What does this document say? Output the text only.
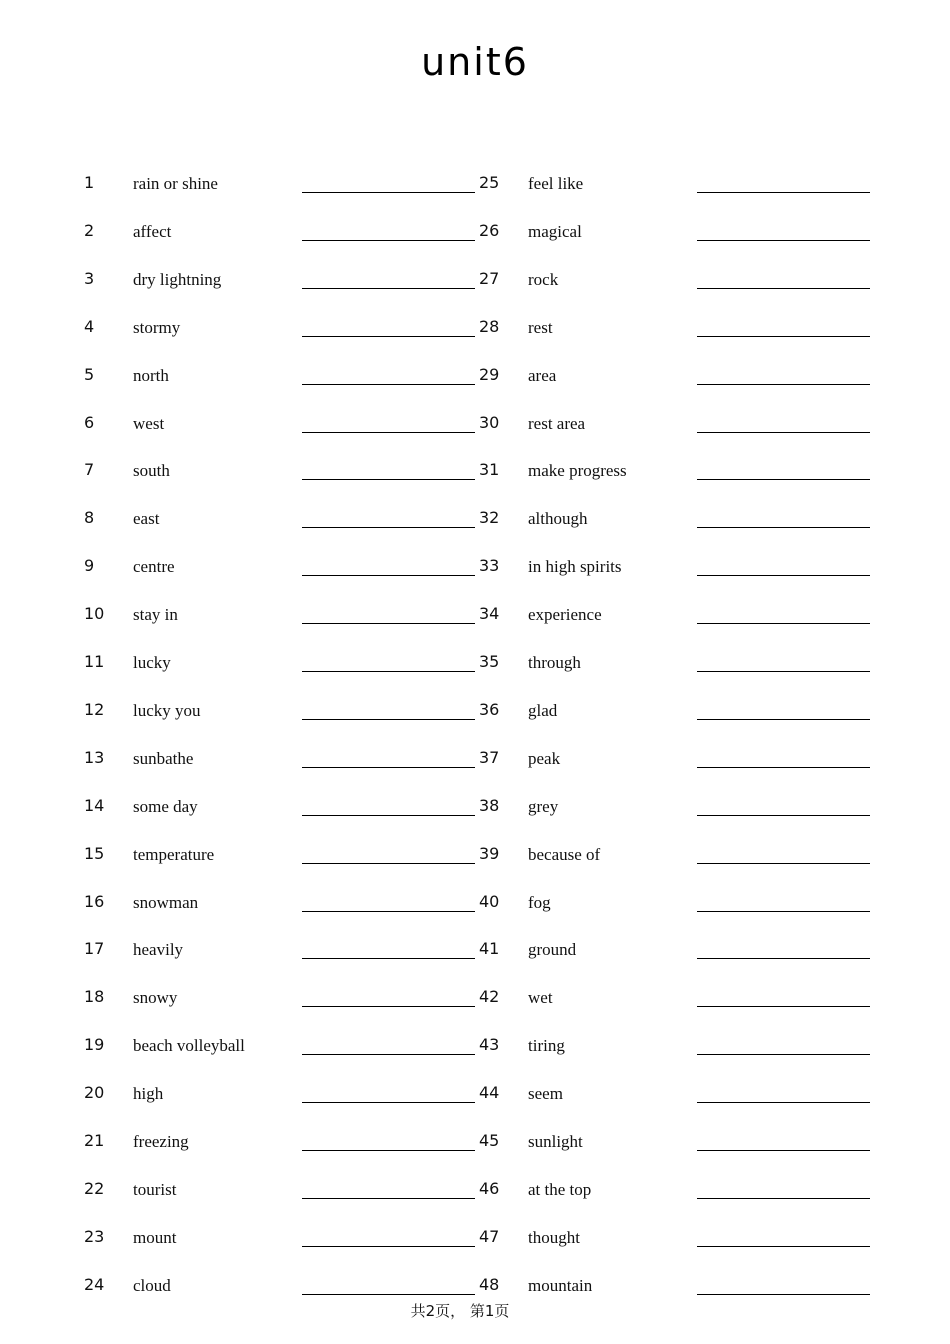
unit6
1 rain or shine	25 feel like
2 affect	26 magical
3 dry lightning	27 rock
4 stormy	28 rest
5 north	29 area
6 west	30 rest area
7 south	31 make progress
8 east	32 although
9 centre	33 in high spirits
10 stay in	34 experience
11 lucky	35 through
12 lucky you	36 glad
13 sunbathe	37 peak
14 some day	38 grey
15 temperature	39 because of
16 snowman	40 fog
17 heavily	41 ground
18 snowy	42 wet
19 beach volleyball	43 tiring
20 high	44 seem
21 freezing	45 sunlight
22 tourist	46 at the top
23 mount	47 thought
24 cloud	48 mountain
共2页， 第1页
